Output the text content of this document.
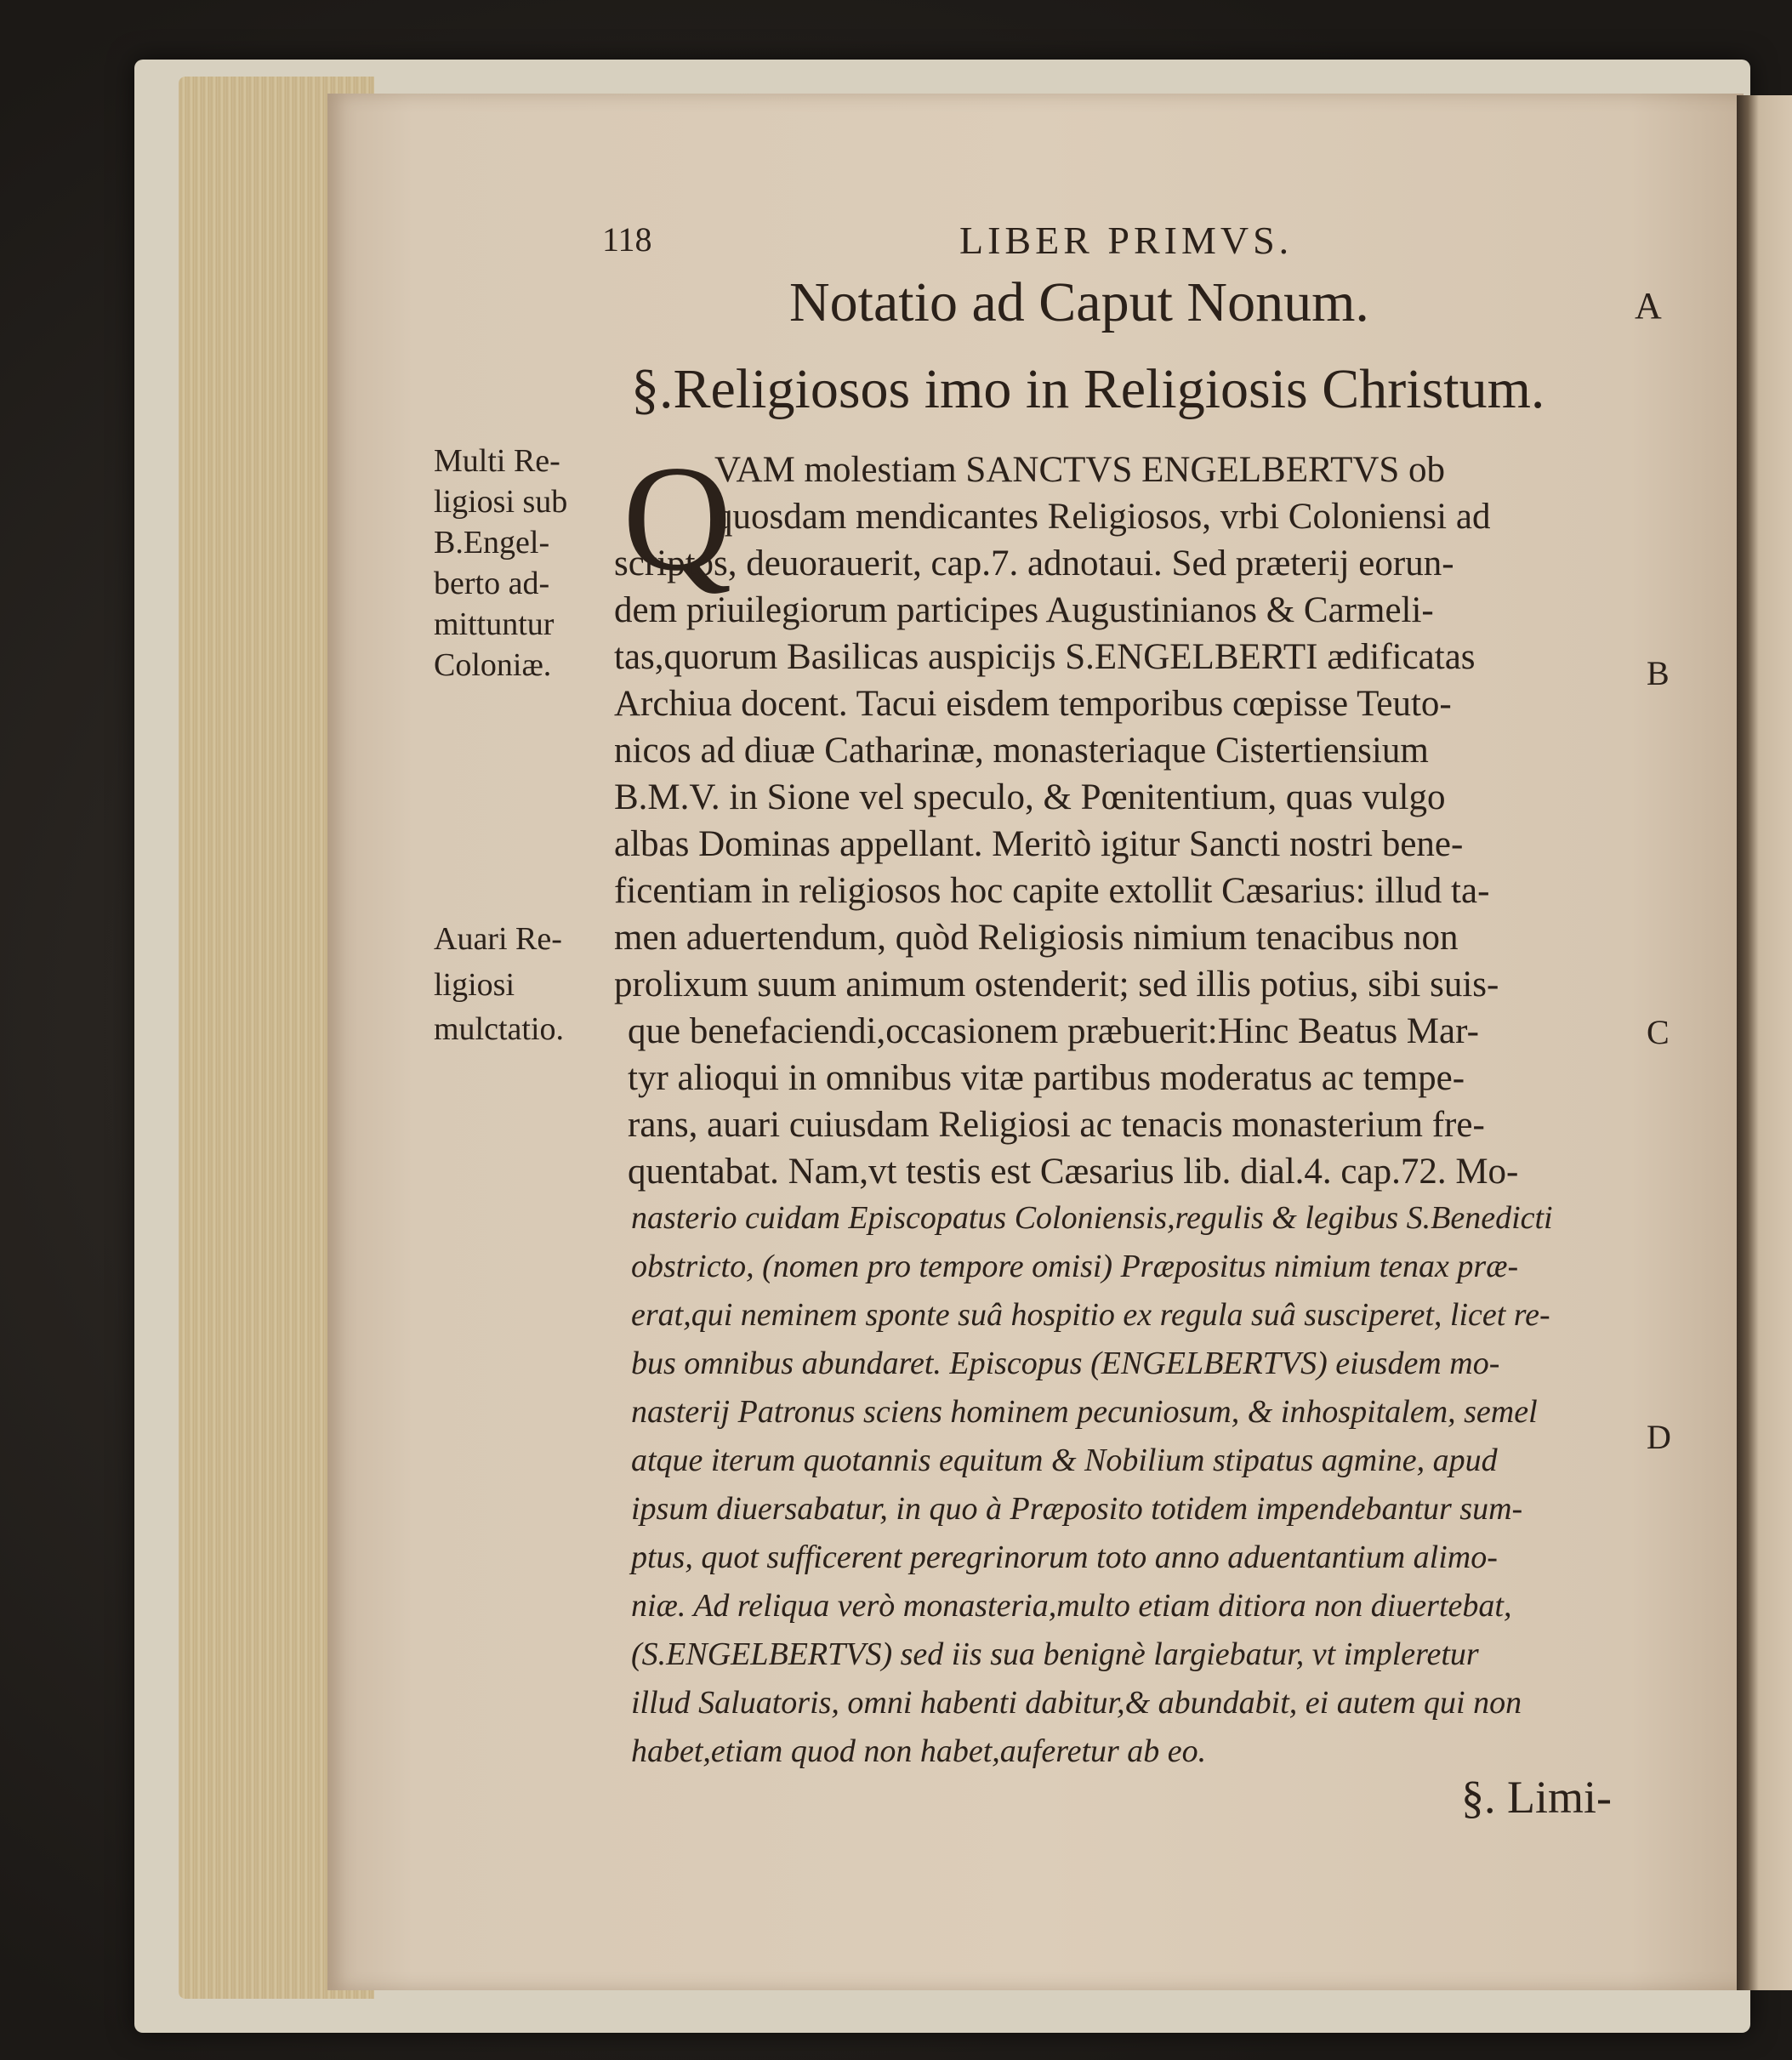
118	LIBER PRIMVS.
Notatio ad Caput Nonum.	A
§.Religiosos imo in Religiosis Christum.
Q
VAM molestiam SANCTVS ENGELBERTVS ob
quosdam mendicantes Religiosos, vrbi Coloniensi ad
scriptos, deuorauerit, cap.7. adnotaui. Sed præterij eorun-
dem priuilegiorum participes Augustinianos & Carmeli-
tas,quorum Basilicas auspicijs S.ENGELBERTI ædificatas
Archiua docent. Tacui eisdem temporibus cœpisse Teuto-
nicos ad diuæ Catharinæ, monasteriaque Cistertiensium
B.M.V. in Sione vel speculo, & Pœnitentium, quas vulgo
albas Dominas appellant. Meritò igitur Sancti nostri bene-
ficentiam in religiosos hoc capite extollit Cæsarius: illud ta-
men aduertendum, quòd Religiosis nimium tenacibus non
prolixum suum animum ostenderit; sed illis potius, sibi suis-
que benefaciendi,occasionem præbuerit:Hinc Beatus Mar-
tyr alioqui in omnibus vitæ partibus moderatus ac tempe-
rans, auari cuiusdam Religiosi ac tenacis monasterium fre-
quentabat. Nam,vt testis est Cæsarius lib. dial.4. cap.72. Mo-
nasterio cuidam Episcopatus Coloniensis,regulis & legibus S.Benedicti
obstricto, (nomen pro tempore omisi) Præpositus nimium tenax præ-
erat,qui neminem sponte suâ hospitio ex regula suâ susciperet, licet re-
bus omnibus abundaret. Episcopus (ENGELBERTVS) eiusdem mo-
nasterij Patronus sciens hominem pecuniosum, & inhospitalem, semel
atque iterum quotannis equitum & Nobilium stipatus agmine, apud
ipsum diuersabatur, in quo à Præposito totidem impendebantur sum-
ptus, quot sufficerent peregrinorum toto anno aduentantium alimo-
niæ. Ad reliqua verò monasteria,multo etiam ditiora non diuertebat,
(S.ENGELBERTVS) sed iis sua benignè largiebatur, vt impleretur
illud Saluatoris, omni habenti dabitur,& abundabit, ei autem qui non
habet,etiam quod non habet,auferetur ab eo.
§. Limi-
Multi Re-
ligiosi sub
B.Engel-
berto ad-
mittuntur
Coloniæ.
Auari Re-
ligiosi
mulctatio.
B
C
D
